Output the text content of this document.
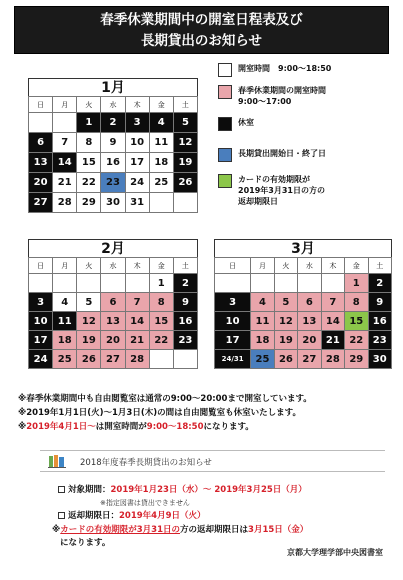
春季休業期間中の開室日程表及び
長期貸出のお知らせ
1月
日	月	火	水	木	金	土
		1	2	3	4	5
6	7	8	9	10	11	12
13	14	15	16	17	18	19
20	21	22	23	24	25	26
27	28	29	30	31		
開室時間　9:00～18:50
春季休業期間の開室時間
9:00～17:00
休室
長期貸出開始日・終了日
カードの有効期限が
2019年3月31日の方の
返却期限日
2月
日	月	火	水	木	金	土
					1	2
3	4	5	6	7	8	9
10	11	12	13	14	15	16
17	18	19	20	21	22	23
24	25	26	27	28		
3月
日	月	火	水	木	金	土
					1	2
3	4	5	6	7	8	9
10	11	12	13	14	15	16
17	18	19	20	21	22	23
24/31	25	26	27	28	29	30
※春季休業期間中も自由閲覧室は通常の9:00～20:00まで開室しています。
※2019年1月1日(火)～1月3日(木)の間は自由閲覧室も休室いたします。
※2019年4月1日～は開室時間が9:00～18:50になります。
2018年度春季長期貸出のお知らせ
対象期間：2019年1月23日（水）～ 2019年3月25日（月）
※指定図書は貸出できません
返却期限日：2019年4月9日（火）
※カードの有効期限が3月31日の方の返却期限日は3月15日（金）
になります。
京都大学理学部中央図書室
